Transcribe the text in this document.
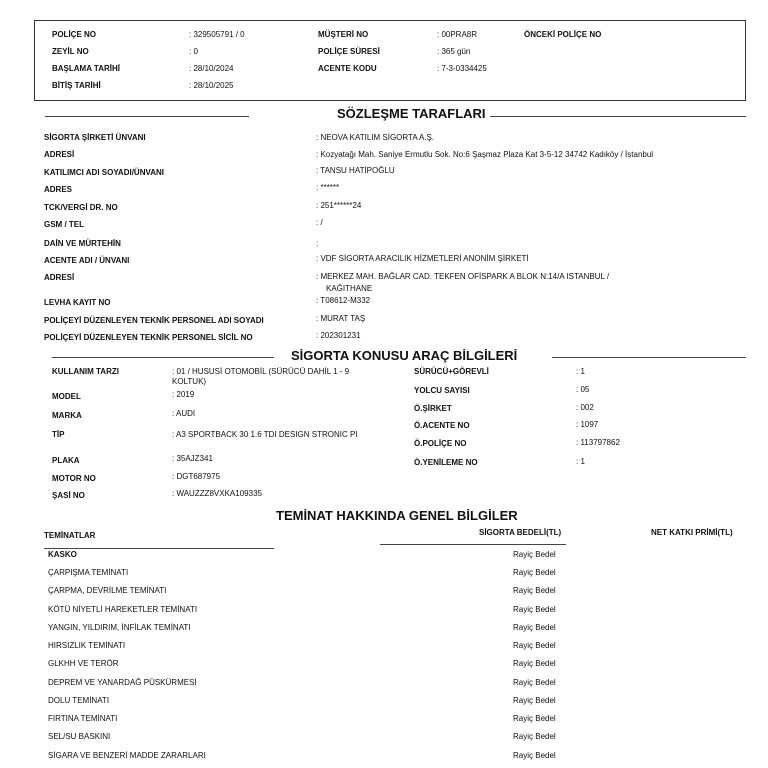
POLİÇE NO	: 329505791 / 0
ZEYİL NO	: 0
BAŞLAMA TARİHİ	: 28/10/2024
BİTİŞ TARİHİ	: 28/10/2025
MÜŞTERİ NO	: 00PRA8R
POLİÇE SÜRESİ	: 365 gün
ACENTE KODU	: 7-3-0334425
ÖNCEKİ POLİÇE NO
SÖZLEŞME TARAFLARI
SİGORTA ŞİRKETİ ÜNVANI	: NEOVA KATILIM SİGORTA A.Ş.
ADRESİ	: Kozyatağı Mah. Saniye Ermutlu Sok. No:6 Şaşmaz Plaza Kat 3-5-12 34742 Kadıköy / İstanbul
KATILIMCI ADI SOYADI/ÜNVANI	: TANSU HATİPOĞLU
ADRES	: ******
TCK/VERGİ DR. NO	: 251******24
GSM / TEL	: /
DAİN VE MÜRTEHİN	:
ACENTE ADI / ÜNVANI	: VDF SİGORTA ARACILIK HİZMETLERİ ANONİM ŞİRKETİ
ADRESİ	: MERKEZ MAH. BAĞLAR CAD. TEKFEN OFİSPARK A BLOK N:14/A ISTANBUL /
KAĞITHANE
LEVHA KAYIT NO	: T08612-M332
POLİÇEYİ DÜZENLEYEN TEKNİK PERSONEL ADI SOYADI	: MURAT TAŞ
POLİÇEYİ DÜZENLEYEN TEKNİK PERSONEL SİCİL NO	: 202301231
SİGORTA KONUSU ARAÇ BİLGİLERİ
KULLANIM TARZI	: 01 / HUSUSİ OTOMOBİL (SÜRÜCÜ DAHİL 1 - 9 KOLTUK)
MODEL	: 2019
MARKA	: AUDI
TİP	: A3 SPORTBACK 30 1.6 TDI DESIGN STRONIC PI
PLAKA	: 35AJZ341
MOTOR NO	: DGT687975
ŞASİ NO	: WAUZZZ8VXKA109335
SÜRÜCÜ+GÖREVLİ	: 1
YOLCU SAYISI	: 05
Ö.ŞİRKET	: 002
Ö.ACENTE NO	: 1097
Ö.POLİÇE NO	: 113797862
Ö.YENİLEME NO	: 1
TEMİNAT HAKKINDA GENEL BİLGİLER
TEMİNATLAR	SİGORTA BEDELİ(TL)	NET KATKI PRİMİ(TL)
KASKO	Rayiç Bedel
ÇARPIŞMA TEMİNATI	Rayiç Bedel
ÇARPMA, DEVRİLME TEMİNATI	Rayiç Bedel
KÖTÜ NİYETLİ HAREKETLER TEMİNATI	Rayiç Bedel
YANGIN, YILDIRIM, İNFİLAK TEMİNATI	Rayiç Bedel
HIRSIZLIK TEMİNATI	Rayiç Bedel
GLKHH VE TERÖR	Rayiç Bedel
DEPREM VE YANARDAĞ PÜSKÜRMESİ	Rayiç Bedel
DOLU TEMİNATI	Rayiç Bedel
FIRTINA TEMİNATI	Rayiç Bedel
SEL/SU BASKINI	Rayiç Bedel
SİGARA VE BENZERİ MADDE ZARARLARI	Rayiç Bedel
